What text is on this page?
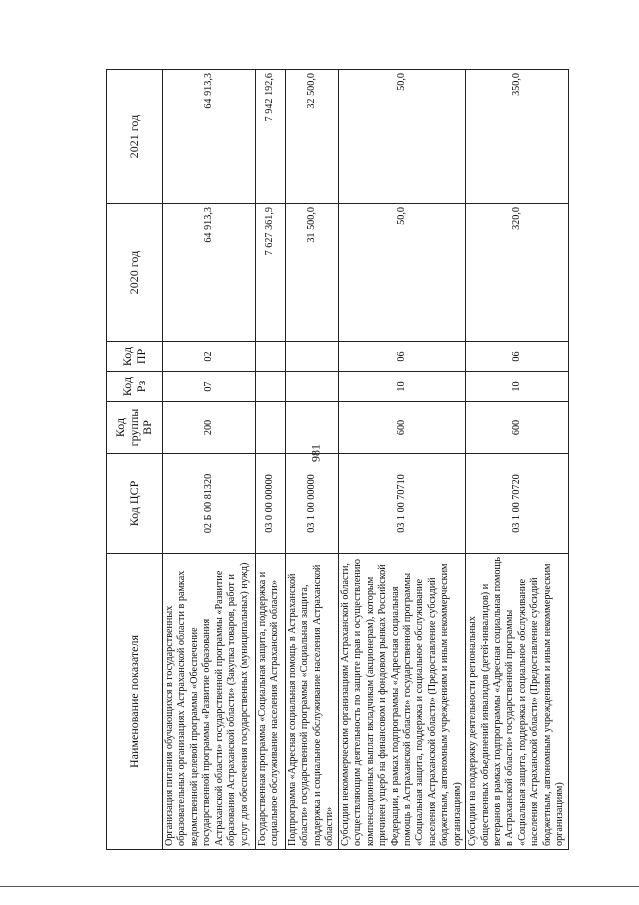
981
Наименование показателя	Код ЦСР	Код группы ВР	Код Рз	Код ПР	2020 год	2021 год
Организация питания обучающихся в государственных образовательных организациях Астраханской области в рамках ведомственной целевой программы «Обеспечение государственной программы «Развитие образования Астраханской области» государственной программы «Развитие образования Астраханской области» (Закупка товаров, работ и услуг для обеспечения государственных (муниципальных) нужд)	02 Б 00 81320	200	07	02	64 913,3	64 913,3
Государственная программа «Социальная защита, поддержка и социальное обслуживание населения Астраханской области»	03 0 00 00000				7 627 361,9	7 942 192,6
Подпрограмма «Адресная социальная помощь в Астраханской области» государственной программы «Социальная защита, поддержка и социальное обслуживание населения Астраханской области»	03 1 00 00000				31 500,0	32 500,0
Субсидии некоммерческим организациям Астраханской области, осуществляющим деятельность по защите прав и осуществлению компенсационных выплат вкладчикам (акционерам), которым причинен ущерб на финансовом и фондовом рынках Российской Федерации, в рамках подпрограммы «Адресная социальная помощь в Астраханской области» государственной программы «Социальная защита, поддержка и социальное обслуживание населения Астраханской области» (Предоставление субсидий бюджетным, автономным учреждениям и иным некоммерческим организациям)	03 1 00 70710	600	10	06	50,0	50,0
Субсидии на поддержку деятельности региональных общественных объединений инвалидов (детей-инвалидов) и ветеранов в рамках подпрограммы «Адресная социальная помощь в Астраханской области» государственной программы «Социальная защита, поддержка и социальное обслуживание населения Астраханской области» (Предоставление субсидий бюджетным, автономным учреждениям и иным некоммерческим организациям)	03 1 00 70720	600	10	06	320,0	350,0
